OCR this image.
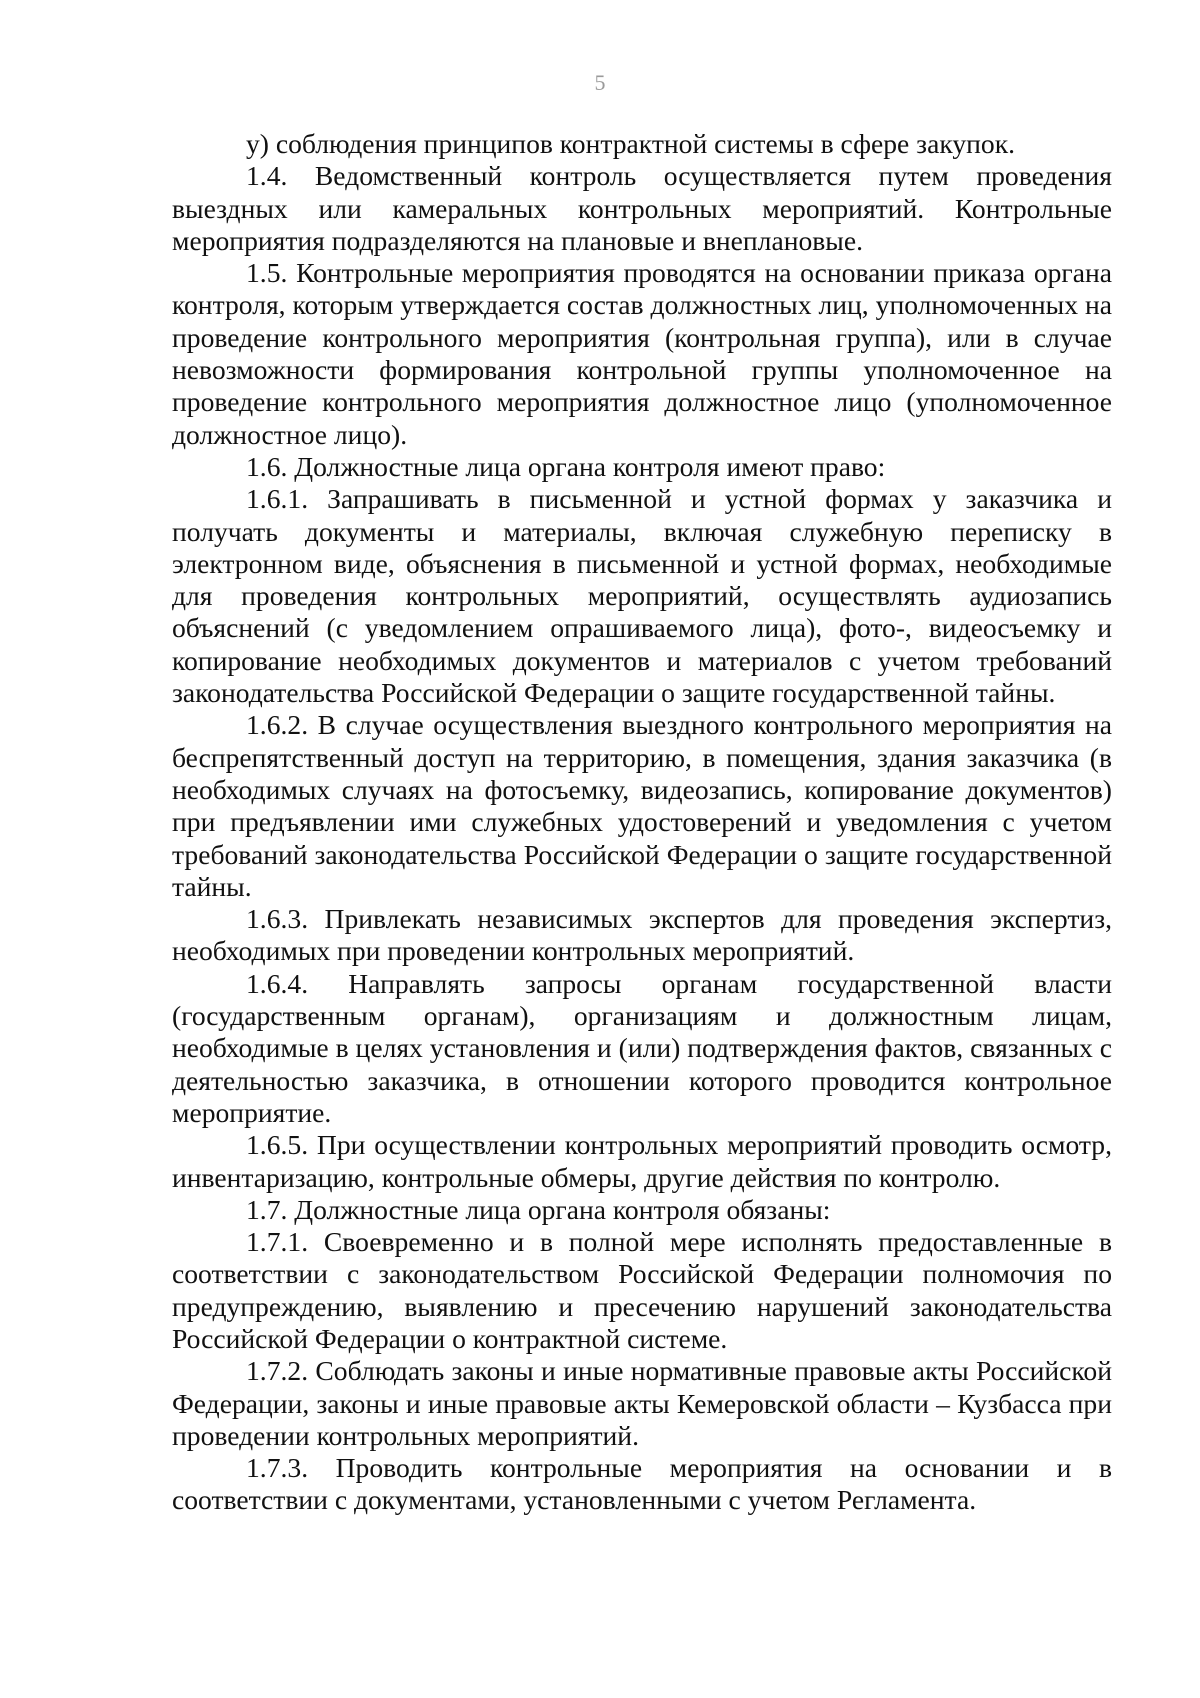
5

у) соблюдения принципов контрактной системы в сфере закупок.

1.4. Ведомственный контроль осуществляется путем проведения выездных или камеральных контрольных мероприятий. Контрольные мероприятия подразделяются на плановые и внеплановые.

1.5. Контрольные мероприятия проводятся на основании приказа органа контроля, которым утверждается состав должностных лиц, уполномоченных на проведение контрольного мероприятия (контрольная группа), или в случае невозможности формирования контрольной группы уполномоченное на проведение контрольного мероприятия должностное лицо (уполномоченное должностное лицо).

1.6. Должностные лица органа контроля имеют право:

1.6.1. Запрашивать в письменной и устной формах у заказчика и получать документы и материалы, включая служебную переписку в электронном виде, объяснения в письменной и устной формах, необходимые для проведения контрольных мероприятий, осуществлять аудиозапись объяснений (с уведомлением опрашиваемого лица), фото-, видеосъемку и копирование необходимых документов и материалов с учетом требований законодательства Российской Федерации о защите государственной тайны.

1.6.2. В случае осуществления выездного контрольного мероприятия на беспрепятственный доступ на территорию, в помещения, здания заказчика (в необходимых случаях на фотосъемку, видеозапись, копирование документов) при предъявлении ими служебных удостоверений и уведомления с учетом требований законодательства Российской Федерации о защите государственной тайны.

1.6.3. Привлекать независимых экспертов для проведения экспертиз, необходимых при проведении контрольных мероприятий.

1.6.4. Направлять запросы органам государственной власти (государственным органам), организациям и должностным лицам, необходимые в целях установления и (или) подтверждения фактов, связанных с деятельностью заказчика, в отношении которого проводится контрольное мероприятие.

1.6.5. При осуществлении контрольных мероприятий проводить осмотр, инвентаризацию, контрольные обмеры, другие действия по контролю.

1.7. Должностные лица органа контроля обязаны:

1.7.1. Своевременно и в полной мере исполнять предоставленные в соответствии с законодательством Российской Федерации полномочия по предупреждению, выявлению и пресечению нарушений законодательства Российской Федерации о контрактной системе.

1.7.2. Соблюдать законы и иные нормативные правовые акты Российской Федерации, законы и иные правовые акты Кемеровской области – Кузбасса при проведении контрольных мероприятий.

1.7.3. Проводить контрольные мероприятия на основании и в соответствии с документами, установленными с учетом Регламента.
